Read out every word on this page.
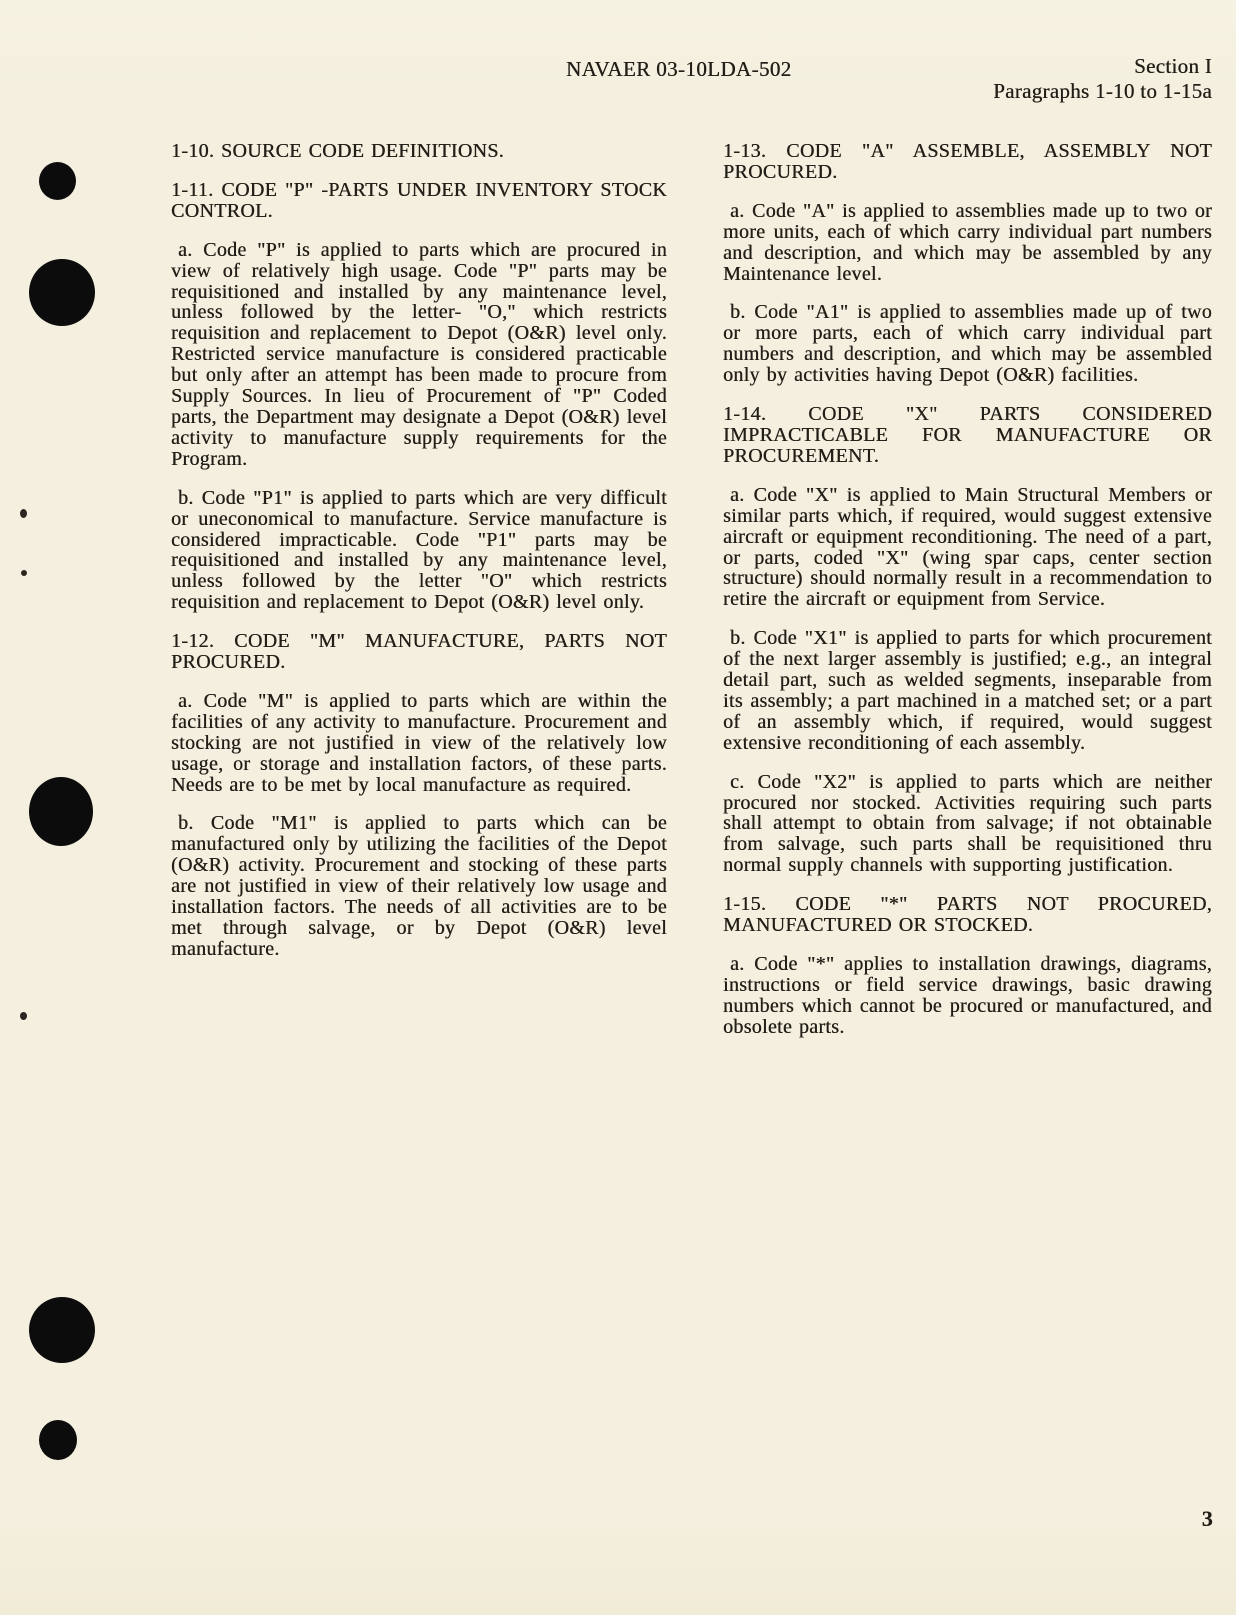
NAVAER 03-10LDA-502	Section I
Paragraphs 1-10 to 1-15a
1-10. SOURCE CODE DEFINITIONS.
1-11. CODE "P" -PARTS UNDER INVENTORY STOCK CONTROL.
a. Code "P" is applied to parts which are procured in view of relatively high usage. Code "P" parts may be requisitioned and installed by any maintenance level, unless followed by the letter- "O," which restricts requisition and replacement to Depot (O&R) level only. Restricted service manufacture is considered practicable but only after an attempt has been made to procure from Supply Sources. In lieu of Procurement of "P" Coded parts, the Department may designate a Depot (O&R) level activity to manufacture supply requirements for the Program.
b. Code "P1" is applied to parts which are very difficult or uneconomical to manufacture. Service manufacture is considered impracticable. Code "P1" parts may be requisitioned and installed by any maintenance level, unless followed by the letter "O" which restricts requisition and replacement to Depot (O&R) level only.
1-12. CODE "M" MANUFACTURE, PARTS NOT PROCURED.
a. Code "M" is applied to parts which are within the facilities of any activity to manufacture. Procurement and stocking are not justified in view of the relatively low usage, or storage and installation factors, of these parts. Needs are to be met by local manufacture as required.
b. Code "M1" is applied to parts which can be manufactured only by utilizing the facilities of the Depot (O&R) activity. Procurement and stocking of these parts are not justified in view of their relatively low usage and installation factors. The needs of all activities are to be met through salvage, or by Depot (O&R) level manufacture.
1-13. CODE "A" ASSEMBLE, ASSEMBLY NOT PROCURED.
a. Code "A" is applied to assemblies made up to two or more units, each of which carry individual part numbers and description, and which may be assembled by any Maintenance level.
b. Code "A1" is applied to assemblies made up of two or more parts, each of which carry individual part numbers and description, and which may be assembled only by activities having Depot (O&R) facilities.
1-14. CODE "X" PARTS CONSIDERED IMPRACTICABLE FOR MANUFACTURE OR PROCUREMENT.
a. Code "X" is applied to Main Structural Members or similar parts which, if required, would suggest extensive aircraft or equipment reconditioning. The need of a part, or parts, coded "X" (wing spar caps, center section structure) should normally result in a recommendation to retire the aircraft or equipment from Service.
b. Code "X1" is applied to parts for which procurement of the next larger assembly is justified; e.g., an integral detail part, such as welded segments, inseparable from its assembly; a part machined in a matched set; or a part of an assembly which, if required, would suggest extensive reconditioning of each assembly.
c. Code "X2" is applied to parts which are neither procured nor stocked. Activities requiring such parts shall attempt to obtain from salvage; if not obtainable from salvage, such parts shall be requisitioned thru normal supply channels with supporting justification.
1-15. CODE "*" PARTS NOT PROCURED, MANUFACTURED OR STOCKED.
a. Code "*" applies to installation drawings, diagrams, instructions or field service drawings, basic drawing numbers which cannot be procured or manufactured, and obsolete parts.
3
